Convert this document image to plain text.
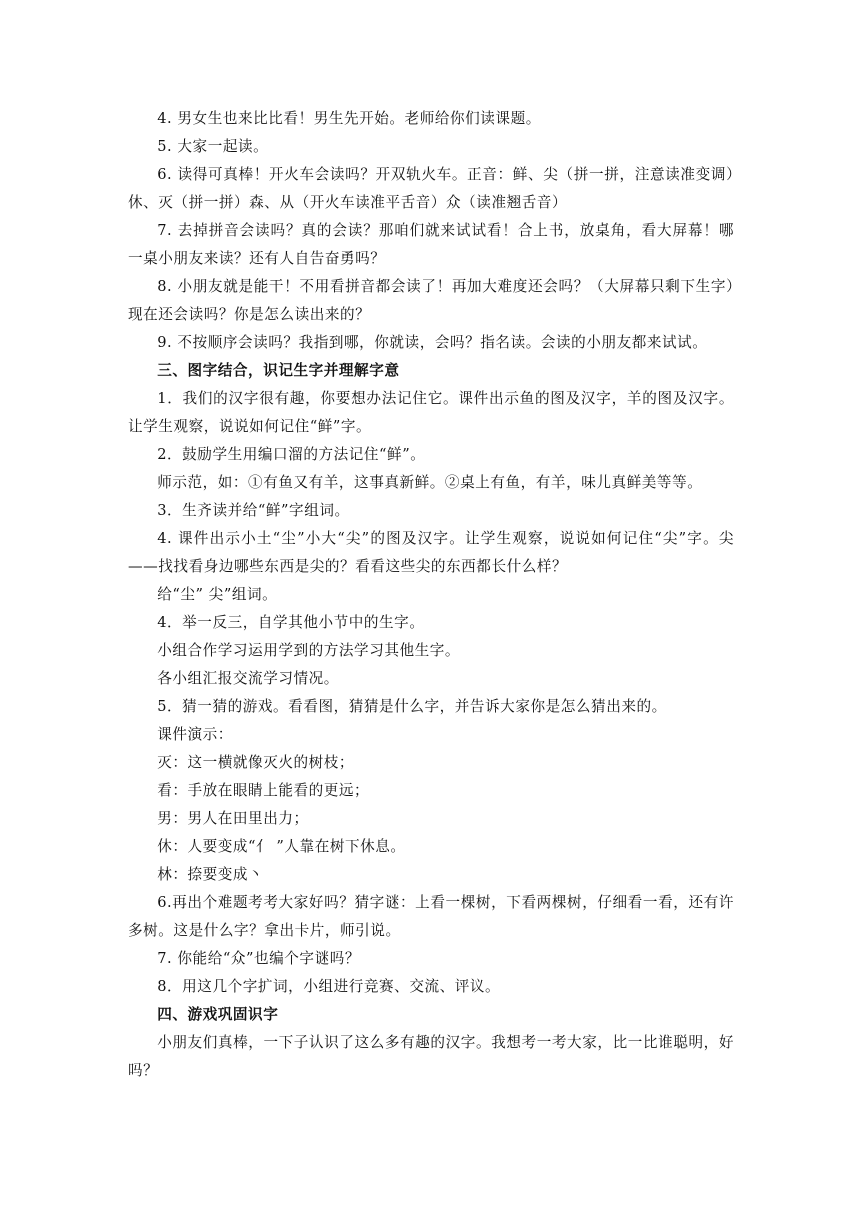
4. 男女生也来比比看！男生先开始。老师给你们读课题。

5. 大家一起读。

6. 读得可真棒！开火车会读吗？开双轨火车。正音：鲜、尖（拼一拼，注意读准变调）休、灭（拼一拼）森、从（开火车读准平舌音）众（读准翘舌音）

7. 去掉拼音会读吗？真的会读？那咱们就来试试看！合上书，放桌角，看大屏幕！哪一桌小朋友来读？还有人自告奋勇吗？

8. 小朋友就是能干！不用看拼音都会读了！再加大难度还会吗？（大屏幕只剩下生字）现在还会读吗？你是怎么读出来的？

9. 不按顺序会读吗？我指到哪，你就读，会吗？指名读。会读的小朋友都来试试。

三、图字结合，识记生字并理解字意

1．我们的汉字很有趣，你要想办法记住它。课件出示鱼的图及汉字，羊的图及汉字。让学生观察，说说如何记住“鲜”字。

2．鼓励学生用编口溜的方法记住“鲜”。

师示范，如：①有鱼又有羊，这事真新鲜。②桌上有鱼，有羊，味儿真鲜美等等。

3．生齐读并给“鲜”字组词。

4. 课件出示小土“尘”小大“尖”的图及汉字。让学生观察，说说如何记住“尖”字。尖——找找看身边哪些东西是尖的？看看这些尖的东西都长什么样？

给“尘” 尖”组词。

4．举一反三，自学其他小节中的生字。

小组合作学习运用学到的方法学习其他生字。

各小组汇报交流学习情况。

5．猜一猜的游戏。看看图，猜猜是什么字，并告诉大家你是怎么猜出来的。

课件演示：

灭：这一横就像灭火的树枝；

看：手放在眼睛上能看的更远；

男：男人在田里出力；

休：人要变成“亻 ”人靠在树下休息。

林：捺要变成丶

6.再出个难题考考大家好吗？猜字谜：上看一棵树，下看两棵树，仔细看一看，还有许多树。这是什么字？拿出卡片，师引说。

7. 你能给“众”也编个字谜吗？

8．用这几个字扩词，小组进行竞赛、交流、评议。

四、游戏巩固识字

小朋友们真棒，一下子认识了这么多有趣的汉字。我想考一考大家，比一比谁聪明，好吗？
